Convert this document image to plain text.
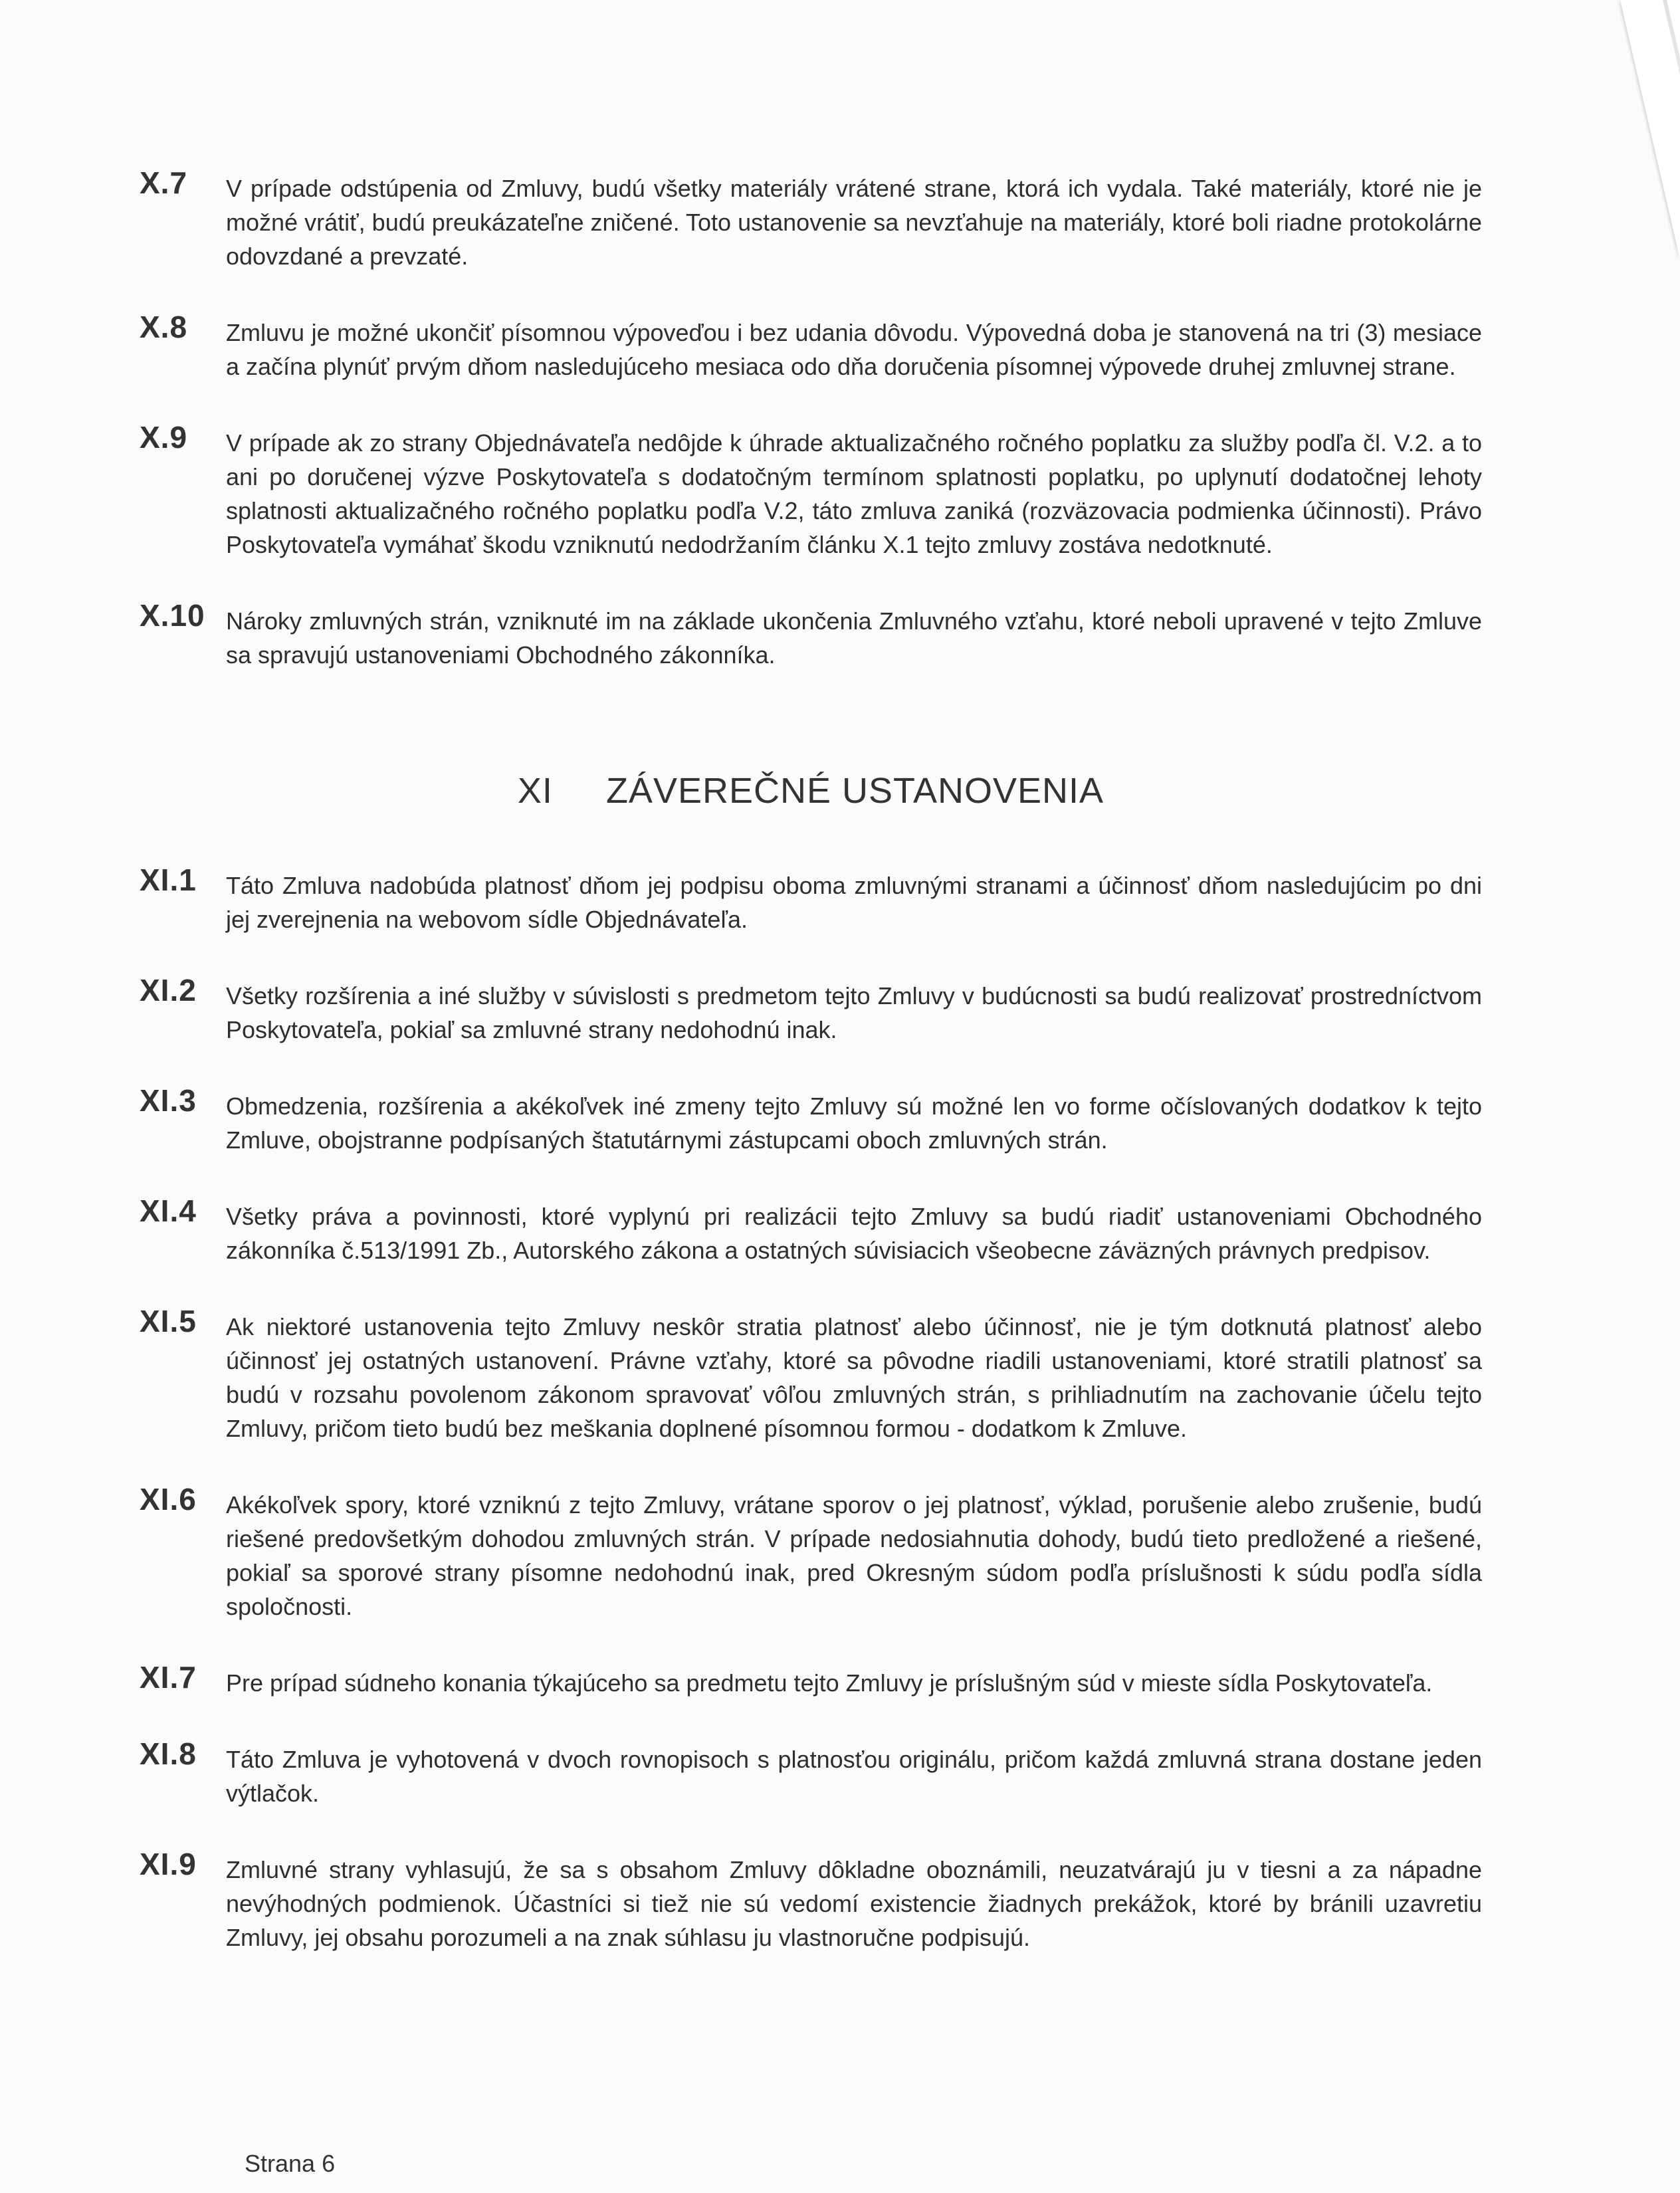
X.7 V prípade odstúpenia od Zmluvy, budú všetky materiály vrátené strane, ktorá ich vydala. Také materiály, ktoré nie je možné vrátiť, budú preukázateľne zničené. Toto ustanovenie sa nevzťahuje na materiály, ktoré boli riadne protokolárne odovzdané a prevzaté.
X.8 Zmluvu je možné ukončiť písomnou výpoveďou i bez udania dôvodu. Výpovedná doba je stanovená na tri (3) mesiace a začína plynúť prvým dňom nasledujúceho mesiaca odo dňa doručenia písomnej výpovede druhej zmluvnej strane.
X.9 V prípade ak zo strany Objednávateľa nedôjde k úhrade aktualizačného ročného poplatku za služby podľa čl. V.2. a to ani po doručenej výzve Poskytovateľa s dodatočným termínom splatnosti poplatku, po uplynutí dodatočnej lehoty splatnosti aktualizačného ročného poplatku podľa V.2, táto zmluva zaniká (rozväzovacia podmienka účinnosti). Právo Poskytovateľa vymáhať škodu vzniknutú nedodržaním článku X.1 tejto zmluvy zostáva nedotknuté.
X.10 Nároky zmluvných strán, vzniknuté im na základe ukončenia Zmluvného vzťahu, ktoré neboli upravené v tejto Zmluve sa spravujú ustanoveniami Obchodného zákonníka.
XI ZÁVEREČNÉ USTANOVENIA
XI.1 Táto Zmluva nadobúda platnosť dňom jej podpisu oboma zmluvnými stranami a účinnosť dňom nasledujúcim po dni jej zverejnenia na webovom sídle Objednávateľa.
XI.2 Všetky rozšírenia a iné služby v súvislosti s predmetom tejto Zmluvy v budúcnosti sa budú realizovať prostredníctvom Poskytovateľa, pokiaľ sa zmluvné strany nedohodnú inak.
XI.3 Obmedzenia, rozšírenia a akékoľvek iné zmeny tejto Zmluvy sú možné len vo forme očíslovaných dodatkov k tejto Zmluve, obojstranne podpísaných štatutárnymi zástupcami oboch zmluvných strán.
XI.4 Všetky práva a povinnosti, ktoré vyplynú pri realizácii tejto Zmluvy sa budú riadiť ustanoveniami Obchodného zákonníka č.513/1991 Zb., Autorského zákona a ostatných súvisiacich všeobecne záväzných právnych predpisov.
XI.5 Ak niektoré ustanovenia tejto Zmluvy neskôr stratia platnosť alebo účinnosť, nie je tým dotknutá platnosť alebo účinnosť jej ostatných ustanovení. Právne vzťahy, ktoré sa pôvodne riadili ustanoveniami, ktoré stratili platnosť sa budú v rozsahu povolenom zákonom spravovať vôľou zmluvných strán, s prihliadnutím na zachovanie účelu tejto Zmluvy, pričom tieto budú bez meškania doplnené písomnou formou - dodatkom k Zmluve.
XI.6 Akékoľvek spory, ktoré vzniknú z tejto Zmluvy, vrátane sporov o jej platnosť, výklad, porušenie alebo zrušenie, budú riešené predovšetkým dohodou zmluvných strán. V prípade nedosiahnutia dohody, budú tieto predložené a riešené, pokiaľ sa sporové strany písomne nedohodnú inak, pred Okresným súdom podľa príslušnosti k súdu podľa sídla spoločnosti.
XI.7 Pre prípad súdneho konania týkajúceho sa predmetu tejto Zmluvy je príslušným súd v mieste sídla Poskytovateľa.
XI.8 Táto Zmluva je vyhotovená v dvoch rovnopisoch s platnosťou originálu, pričom každá zmluvná strana dostane jeden výtlačok.
XI.9 Zmluvné strany vyhlasujú, že sa s obsahom Zmluvy dôkladne oboznámili, neuzatvárajú ju v tiesni a za nápadne nevýhodných podmienok. Účastníci si tiež nie sú vedomí existencie žiadnych prekážok, ktoré by bránili uzavretiu Zmluvy, jej obsahu porozumeli a na znak súhlasu ju vlastnoručne podpisujú.
Strana 6
